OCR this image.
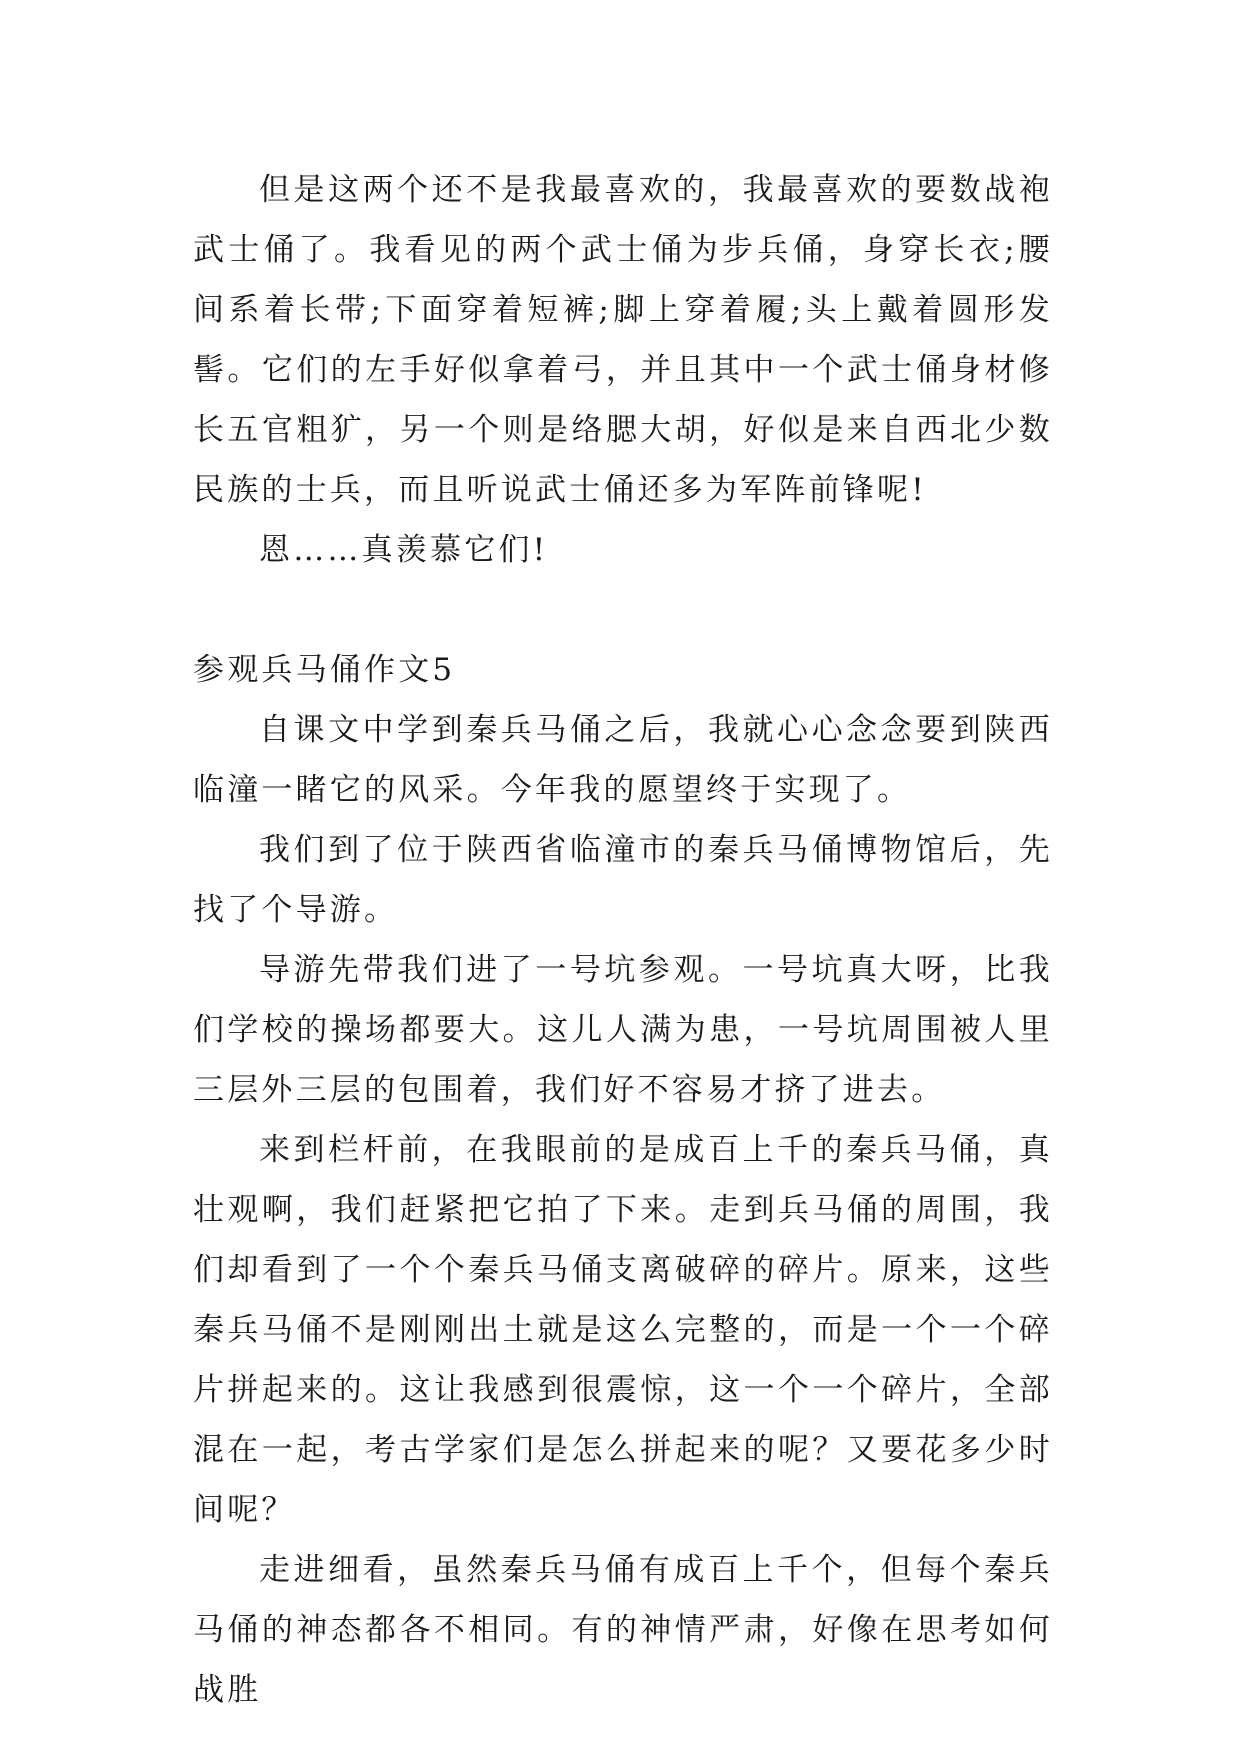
但是这两个还不是我最喜欢的，我最喜欢的要数战袍武士俑了。我看见的两个武士俑为步兵俑，身穿长衣;腰间系着长带;下面穿着短裤;脚上穿着履;头上戴着圆形发髻。它们的左手好似拿着弓，并且其中一个武士俑身材修长五官粗犷，另一个则是络腮大胡，好似是来自西北少数民族的士兵，而且听说武士俑还多为军阵前锋呢!

恩……真羡慕它们!

参观兵马俑作文5

自课文中学到秦兵马俑之后，我就心心念念要到陕西临潼一睹它的风采。今年我的愿望终于实现了。

我们到了位于陕西省临潼市的秦兵马俑博物馆后，先找了个导游。

导游先带我们进了一号坑参观。一号坑真大呀，比我们学校的操场都要大。这儿人满为患，一号坑周围被人里三层外三层的包围着，我们好不容易才挤了进去。

来到栏杆前，在我眼前的是成百上千的秦兵马俑，真壮观啊，我们赶紧把它拍了下来。走到兵马俑的周围，我们却看到了一个个秦兵马俑支离破碎的碎片。原来，这些秦兵马俑不是刚刚出土就是这么完整的，而是一个一个碎片拼起来的。这让我感到很震惊，这一个一个碎片，全部混在一起，考古学家们是怎么拼起来的呢？又要花多少时间呢？

走进细看，虽然秦兵马俑有成百上千个，但每个秦兵马俑的神态都各不相同。有的神情严肃，好像在思考如何战胜
